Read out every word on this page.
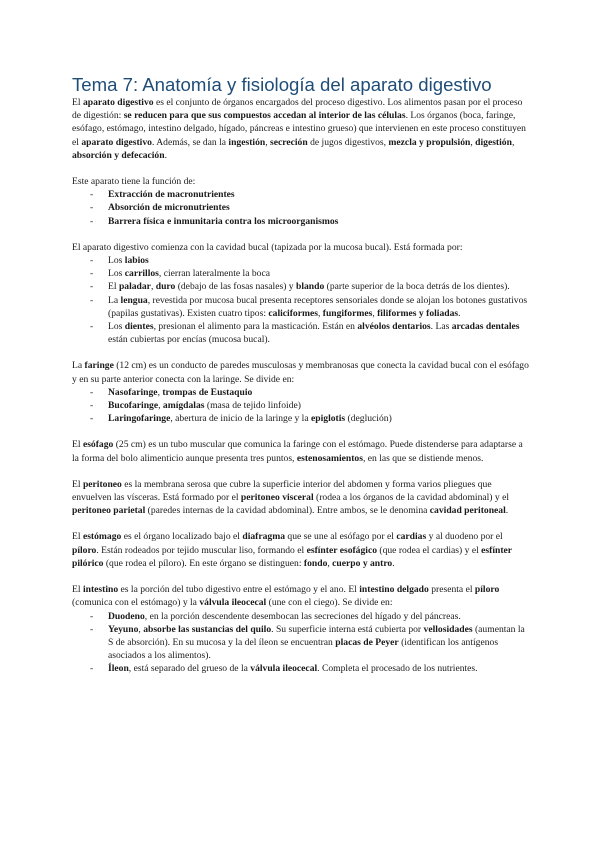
Tema 7: Anatomía y fisiología del aparato digestivo

El aparato digestivo es el conjunto de órganos encargados del proceso digestivo. Los alimentos pasan por el proceso de digestión: se reducen para que sus compuestos accedan al interior de las células. Los órganos (boca, faringe, esófago, estómago, intestino delgado, hígado, páncreas e intestino grueso) que intervienen en este proceso constituyen el aparato digestivo. Además, se dan la ingestión, secreción de jugos digestivos, mezcla y propulsión, digestión, absorción y defecación.

Este aparato tiene la función de:

- Extracción de macronutrientes
- Absorción de micronutrientes
- Barrera física e inmunitaria contra los microorganismos

El aparato digestivo comienza con la cavidad bucal (tapizada por la mucosa bucal). Está formada por:

- Los labios
- Los carrillos, cierran lateralmente la boca
- El paladar, duro (debajo de las fosas nasales) y blando (parte superior de la boca detrás de los dientes).
- La lengua, revestida por mucosa bucal presenta receptores sensoriales donde se alojan los botones gustativos (papilas gustativas). Existen cuatro tipos: caliciformes, fungiformes, filiformes y foliadas.
- Los dientes, presionan el alimento para la masticación. Están en alvéolos dentarios. Las arcadas dentales están cubiertas por encías (mucosa bucal).

La faringe (12 cm) es un conducto de paredes musculosas y membranosas que conecta la cavidad bucal con el esófago y en su parte anterior conecta con la laringe. Se divide en:

- Nasofaringe, trompas de Eustaquio
- Bucofaringe, amígdalas (masa de tejido linfoide)
- Laringofaringe, abertura de inicio de la laringe y la epiglotis (deglución)

El esófago (25 cm) es un tubo muscular que comunica la faringe con el estómago. Puede distenderse para adaptarse a la forma del bolo alimenticio aunque presenta tres puntos, estenosamientos, en las que se distiende menos.

El peritoneo es la membrana serosa que cubre la superficie interior del abdomen y forma varios pliegues que envuelven las vísceras. Está formado por el peritoneo visceral (rodea a los órganos de la cavidad abdominal) y el peritoneo parietal (paredes internas de la cavidad abdominal). Entre ambos, se le denomina cavidad peritoneal.

El estómago es el órgano localizado bajo el diafragma que se une al esófago por el cardias y al duodeno por el píloro. Están rodeados por tejido muscular liso, formando el esfínter esofágico (que rodea el cardias) y el esfínter pilórico (que rodea el píloro). En este órgano se distinguen: fondo, cuerpo y antro.

El intestino es la porción del tubo digestivo entre el estómago y el ano. El intestino delgado presenta el píloro (comunica con el estómago) y la válvula ileocecal (une con el ciego). Se divide en:

- Duodeno, en la porción descendente desembocan las secreciones del hígado y del páncreas.
- Yeyuno, absorbe las sustancias del quilo. Su superficie interna está cubierta por vellosidades (aumentan la S de absorción). En su mucosa y la del íleon se encuentran placas de Peyer (identifican los antígenos asociados a los alimentos).
- Íleon, está separado del grueso de la válvula ileocecal. Completa el procesado de los nutrientes.
